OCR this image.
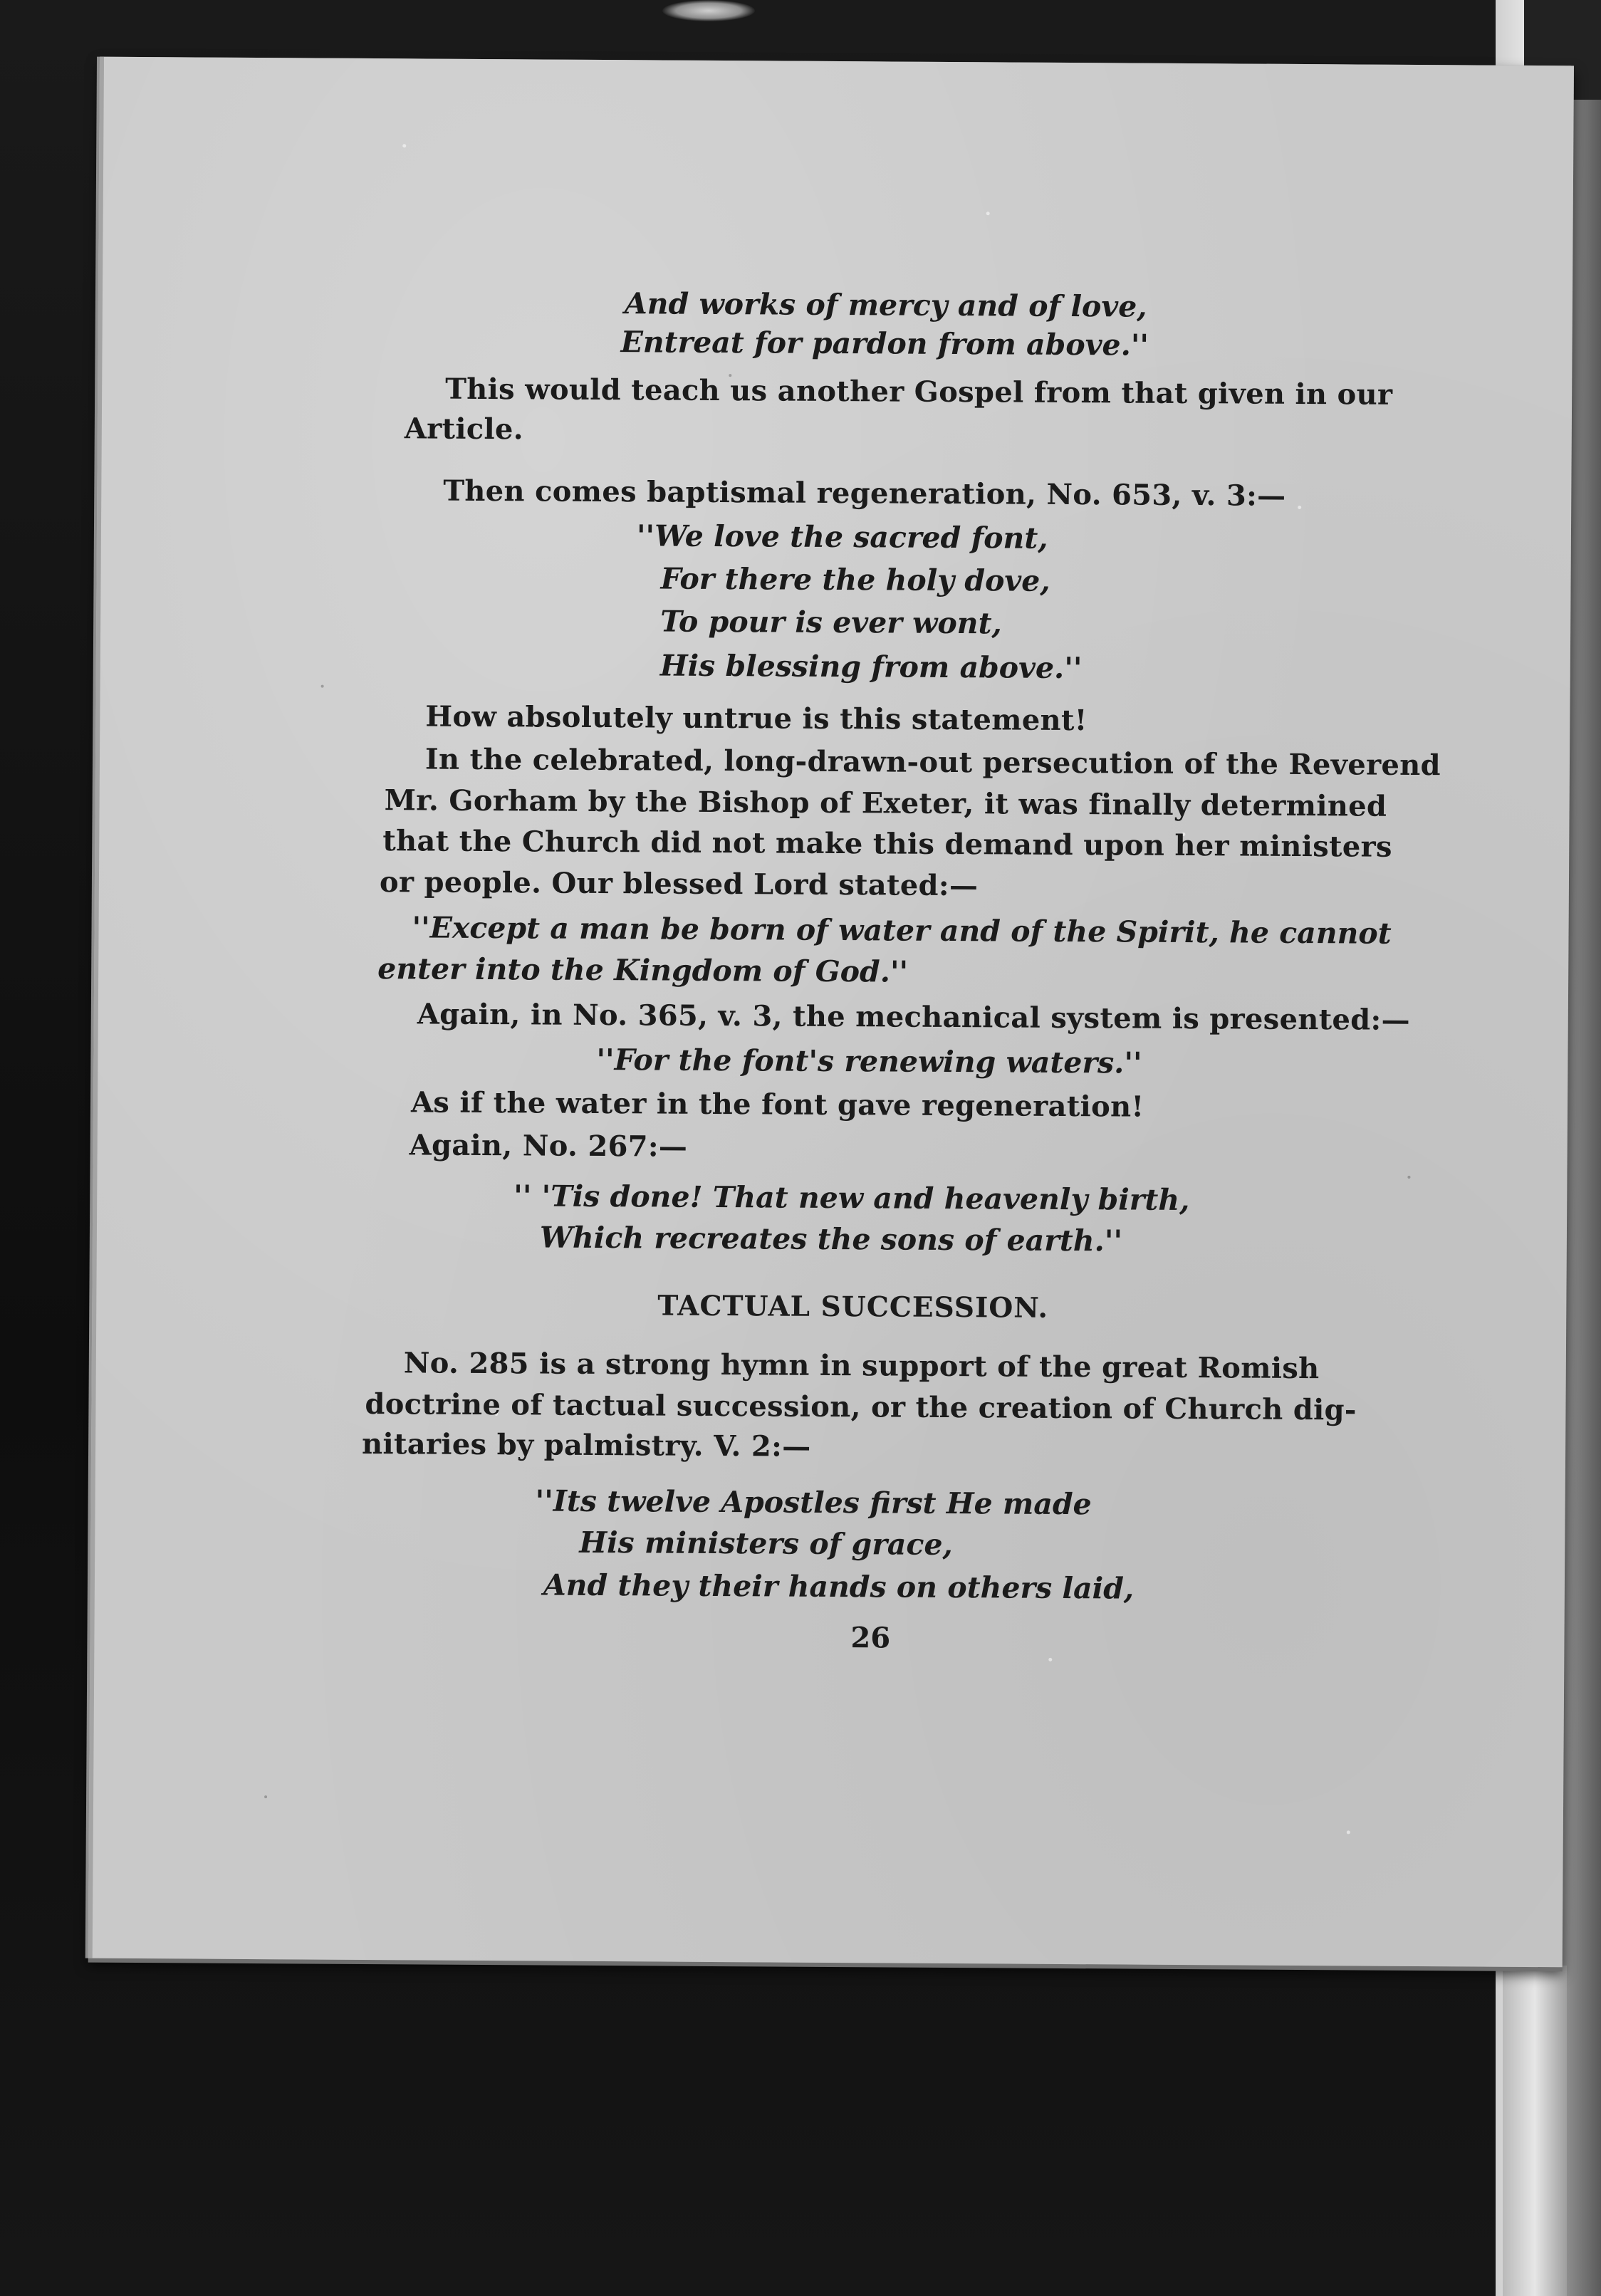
And works of mercy and of love,
Entreat for pardon from above.''
This would teach us another Gospel from that given in our
Article.
Then comes baptismal regeneration, No. 653, v. 3:—
''We love the sacred font,
For there the holy dove,
To pour is ever wont,
His blessing from above.''
How absolutely untrue is this statement!
In the celebrated, long-drawn-out persecution of the Reverend
Mr. Gorham by the Bishop of Exeter, it was finally determined
that the Church did not make this demand upon her ministers
or people. Our blessed Lord stated:—
''Except a man be born of water and of the Spirit, he cannot
enter into the Kingdom of God.''
Again, in No. 365, v. 3, the mechanical system is presented:—
''For the font's renewing waters.''
As if the water in the font gave regeneration!
Again, No. 267:—
'' 'Tis done! That new and heavenly birth,
Which recreates the sons of earth.''
TACTUAL SUCCESSION.
No. 285 is a strong hymn in support of the great Romish
doctrine of tactual succession, or the creation of Church dig-
nitaries by palmistry. V. 2:—
''Its twelve Apostles first He made
His ministers of grace,
And they their hands on others laid,
26
